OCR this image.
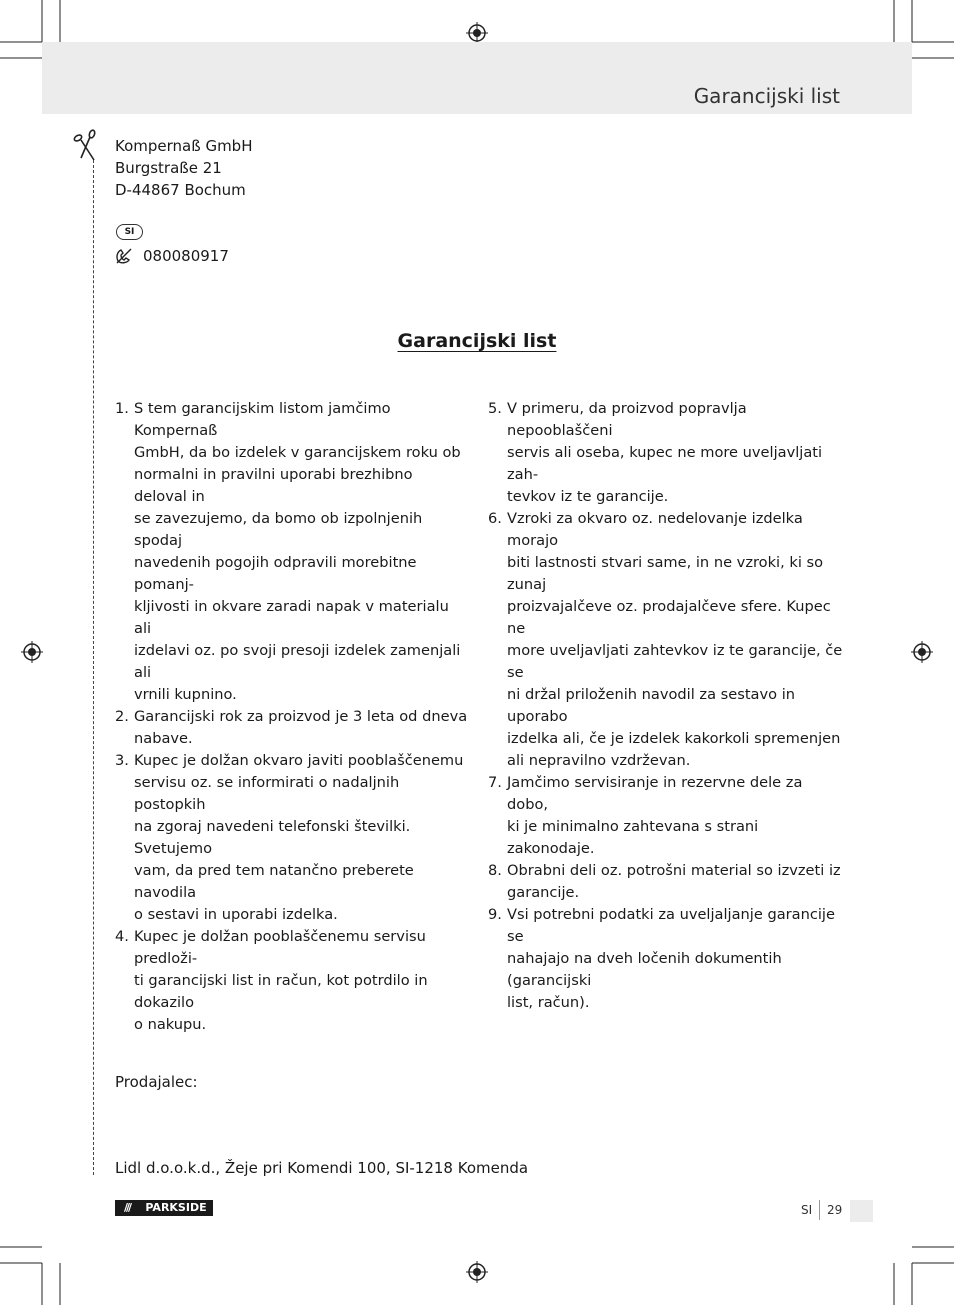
Garancijski list
Kompernaß GmbH
Burgstraße 21
D-44867 Bochum
SI
080080917
Garancijski list
1. S tem garancijskim listom jamčimo Kompernaß
GmbH, da bo izdelek v garancijskem roku ob
normalni in pravilni uporabi brezhibno deloval in
se zavezujemo, da bomo ob izpolnjenih spodaj
navedenih pogojih odpravili morebitne pomanj-
kljivosti in okvare zaradi napak v materialu ali
izdelavi oz. po svoji presoji izdelek zamenjali ali
vrnili kupnino.
2. Garancijski rok za proizvod je 3 leta od dneva
nabave.
3. Kupec je dolžan okvaro javiti pooblaščenemu
servisu oz. se informirati o nadaljnih postopkih
na zgoraj navedeni telefonski številki. Svetujemo
vam, da pred tem natančno preberete navodila
o sestavi in uporabi izdelka.
4. Kupec je dolžan pooblaščenemu servisu predloži-
ti garancijski list in račun, kot potrdilo in dokazilo
o nakupu.
5. V primeru, da proizvod popravlja nepooblaščeni
servis ali oseba, kupec ne more uveljavljati zah-
tevkov iz te garancije.
6. Vzroki za okvaro oz. nedelovanje izdelka morajo
biti lastnosti stvari same, in ne vzroki, ki so zunaj
proizvajalčeve oz. prodajalčeve sfere. Kupec ne
more uveljavljati zahtevkov iz te garancije, če se
ni držal priloženih navodil za sestavo in uporabo
izdelka ali, če je izdelek kakorkoli spremenjen
ali nepravilno vzdrževan.
7. Jamčimo servisiranje in rezervne dele za dobo,
ki je minimalno zahtevana s strani zakonodaje.
8. Obrabni deli oz. potrošni material so izvzeti iz
garancije.
9. Vsi potrebni podatki za uveljaljanje garancije se
nahajajo na dveh ločenih dokumentih (garancijski
list, račun).
Prodajalec:
Lidl d.o.o.k.d., Žeje pri Komendi 100, SI-1218 Komenda
///	PARKSIDE	SI 29
